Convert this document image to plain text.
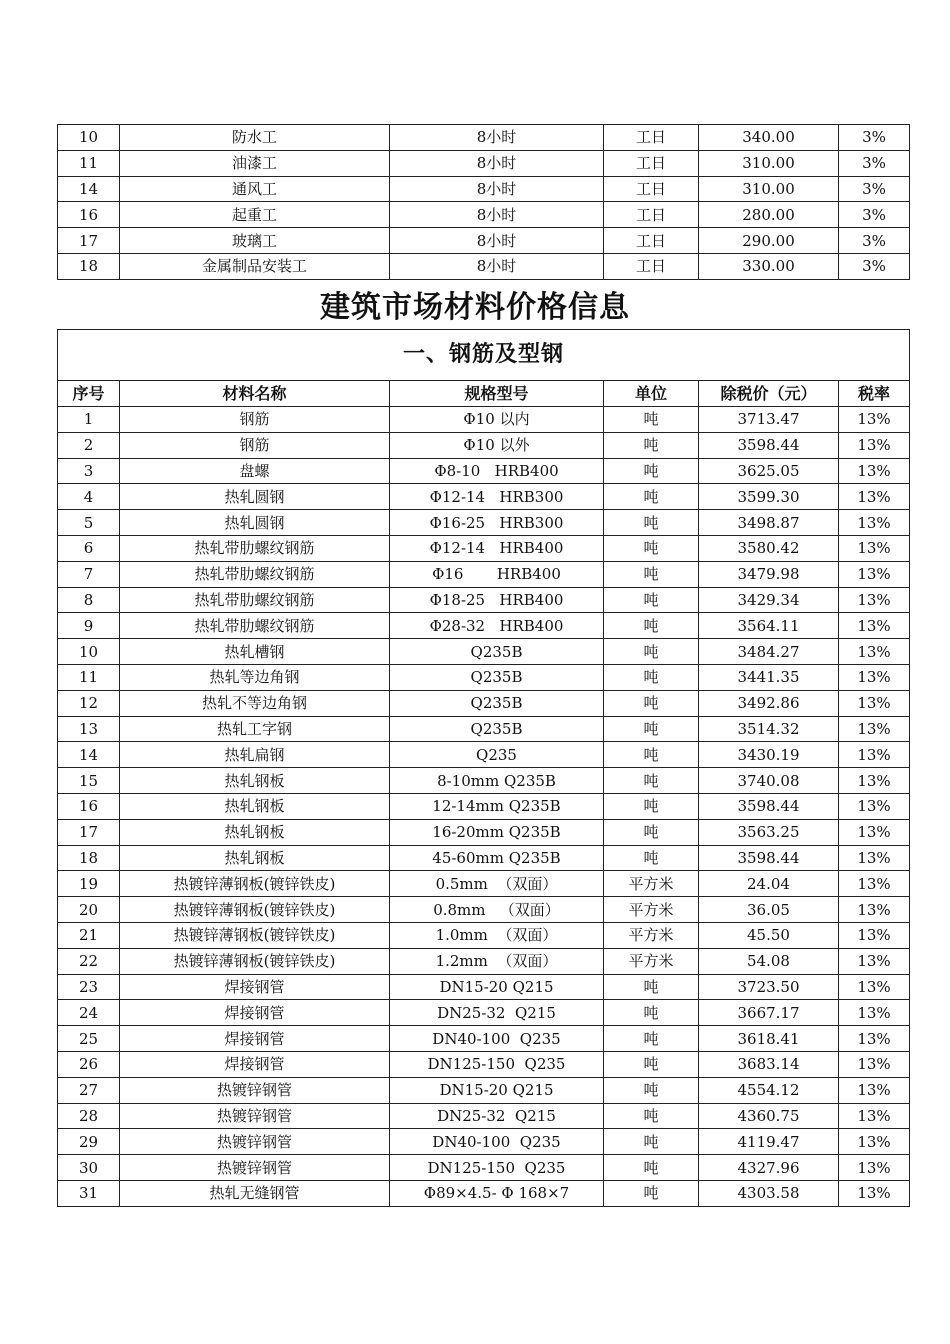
10	防水工	8小时	工日	340.00	3%
11	油漆工	8小时	工日	310.00	3%
14	通风工	8小时	工日	310.00	3%
16	起重工	8小时	工日	280.00	3%
17	玻璃工	8小时	工日	290.00	3%
18	金属制品安装工	8小时	工日	330.00	3%
建筑市场材料价格信息
一、钢筋及型钢					
序号	材料名称	规格型号	单位	除税价（元）	税率
1	钢筋	Φ10 以内	吨	3713.47	13%
2	钢筋	Φ10 以外	吨	3598.44	13%
3	盘螺	Φ8-10   HRB400	吨	3625.05	13%
4	热轧圆钢	Φ12-14   HRB300	吨	3599.30	13%
5	热轧圆钢	Φ16-25   HRB300	吨	3498.87	13%
6	热轧带肋螺纹钢筋	Φ12-14   HRB400	吨	3580.42	13%
7	热轧带肋螺纹钢筋	Φ16       HRB400	吨	3479.98	13%
8	热轧带肋螺纹钢筋	Φ18-25   HRB400	吨	3429.34	13%
9	热轧带肋螺纹钢筋	Φ28-32   HRB400	吨	3564.11	13%
10	热轧槽钢	Q235B	吨	3484.27	13%
11	热轧等边角钢	Q235B	吨	3441.35	13%
12	热轧不等边角钢	Q235B	吨	3492.86	13%
13	热轧工字钢	Q235B	吨	3514.32	13%
14	热轧扁钢	Q235	吨	3430.19	13%
15	热轧钢板	8-10mm Q235B	吨	3740.08	13%
16	热轧钢板	12-14mm Q235B	吨	3598.44	13%
17	热轧钢板	16-20mm Q235B	吨	3563.25	13%
18	热轧钢板	45-60mm Q235B	吨	3598.44	13%
19	热镀锌薄钢板(镀锌铁皮)	0.5mm  （双面）	平方米	24.04	13%
20	热镀锌薄钢板(镀锌铁皮)	0.8mm   （双面）	平方米	36.05	13%
21	热镀锌薄钢板(镀锌铁皮)	1.0mm  （双面）	平方米	45.50	13%
22	热镀锌薄钢板(镀锌铁皮)	1.2mm  （双面）	平方米	54.08	13%
23	焊接钢管	DN15-20 Q215	吨	3723.50	13%
24	焊接钢管	DN25-32  Q215	吨	3667.17	13%
25	焊接钢管	DN40-100  Q235	吨	3618.41	13%
26	焊接钢管	DN125-150  Q235	吨	3683.14	13%
27	热镀锌钢管	DN15-20 Q215	吨	4554.12	13%
28	热镀锌钢管	DN25-32  Q215	吨	4360.75	13%
29	热镀锌钢管	DN40-100  Q235	吨	4119.47	13%
30	热镀锌钢管	DN125-150  Q235	吨	4327.96	13%
31	热轧无缝钢管	Φ89×4.5- Φ 168×7	吨	4303.58	13%
